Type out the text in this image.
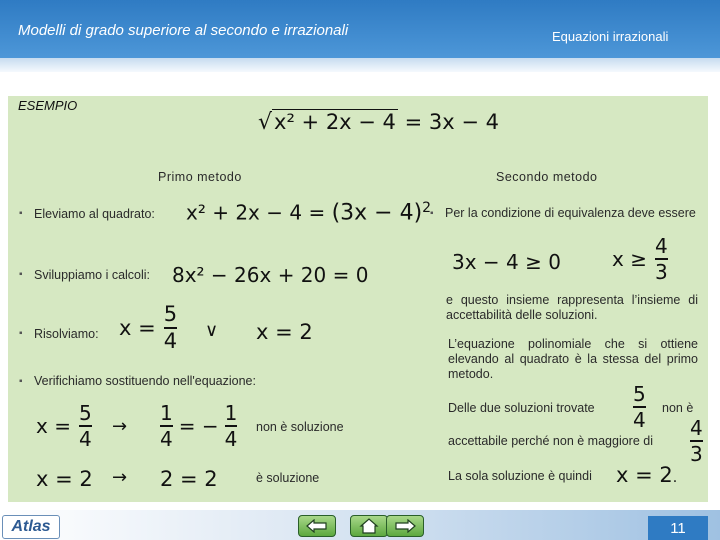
Modelli di grado superiore al secondo e irrazionali	Equazioni irrazionali
ESEMPIO
√x² + 2x − 4 = 3x − 4
Primo metodo	Secondo metodo
▪ Eleviamo al quadrato: $x^2 + 2x - 4 = (3x - 4)^2$
▪ Sviluppiamo i calcoli: 8x² − 26x + 20 = 0
▪ Risolviamo: $x = \frac{5}{4}$ ∨ x = 2
▪ Verifichiamo sostituendo nell'equazione:
$x = \frac{5}{4} \to \frac{1}{4}$ = − $\frac{1}{4}$ non è soluzione
x = 2 → 2 = 2	è soluzione
▪ Per la condizione di equivalenza deve essere
3x − 4 ≥ 0	$x \ge \frac{4}{3}$
e questo insieme rappresenta l’insieme di accettabilità delle soluzioni.
L’equazione polinomiale che si ottiene elevando al quadrato è la stessa del primo metodo.
Delle due soluzioni trovate $\frac{5}{4}$ non è
accettabile perché non è maggiore di $\frac{4}{3}$
La sola soluzione è quindi x = 2.
Atlas	11
